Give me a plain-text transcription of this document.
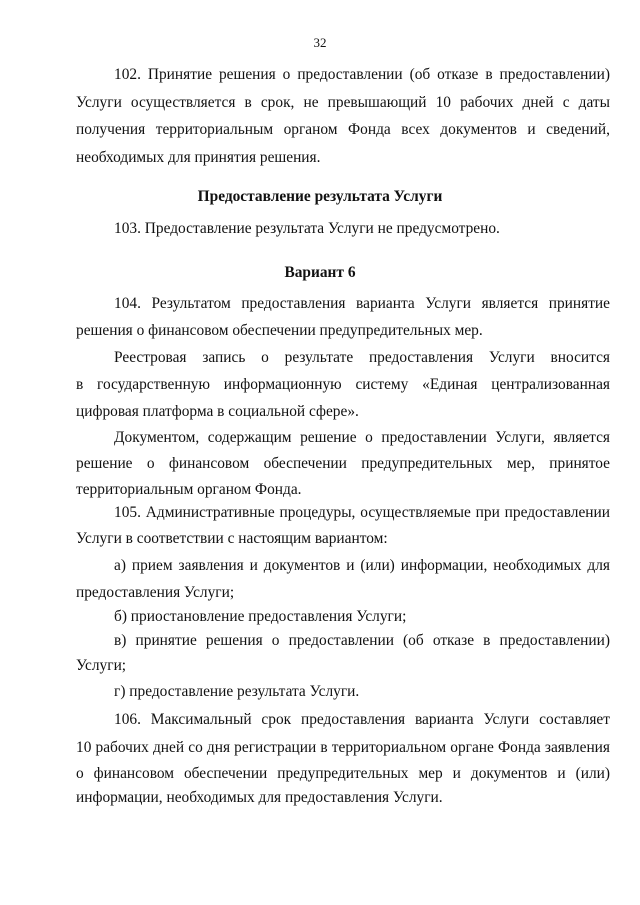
32
102. Принятие решения о предоставлении (об отказе в предоставлении)
Услуги осуществляется в срок, не превышающий 10 рабочих дней с даты
получения территориальным органом Фонда всех документов и сведений,
необходимых для принятия решения.
Предоставление результата Услуги
103. Предоставление результата Услуги не предусмотрено.
Вариант 6
104. Результатом предоставления варианта Услуги является принятие
решения о финансовом обеспечении предупредительных мер.
Реестровая запись о результате предоставления Услуги вносится
в государственную информационную систему «Единая централизованная
цифровая платформа в социальной сфере».
Документом, содержащим решение о предоставлении Услуги, является
решение о финансовом обеспечении предупредительных мер, принятое
территориальным органом Фонда.
105. Административные процедуры, осуществляемые при предоставлении
Услуги в соответствии с настоящим вариантом:
а) прием заявления и документов и (или) информации, необходимых для
предоставления Услуги;
б) приостановление предоставления Услуги;
в) принятие решения о предоставлении (об отказе в предоставлении)
Услуги;
г) предоставление результата Услуги.
106. Максимальный срок предоставления варианта Услуги составляет
10 рабочих дней со дня регистрации в территориальном органе Фонда заявления
о финансовом обеспечении предупредительных мер и документов и (или)
информации, необходимых для предоставления Услуги.
